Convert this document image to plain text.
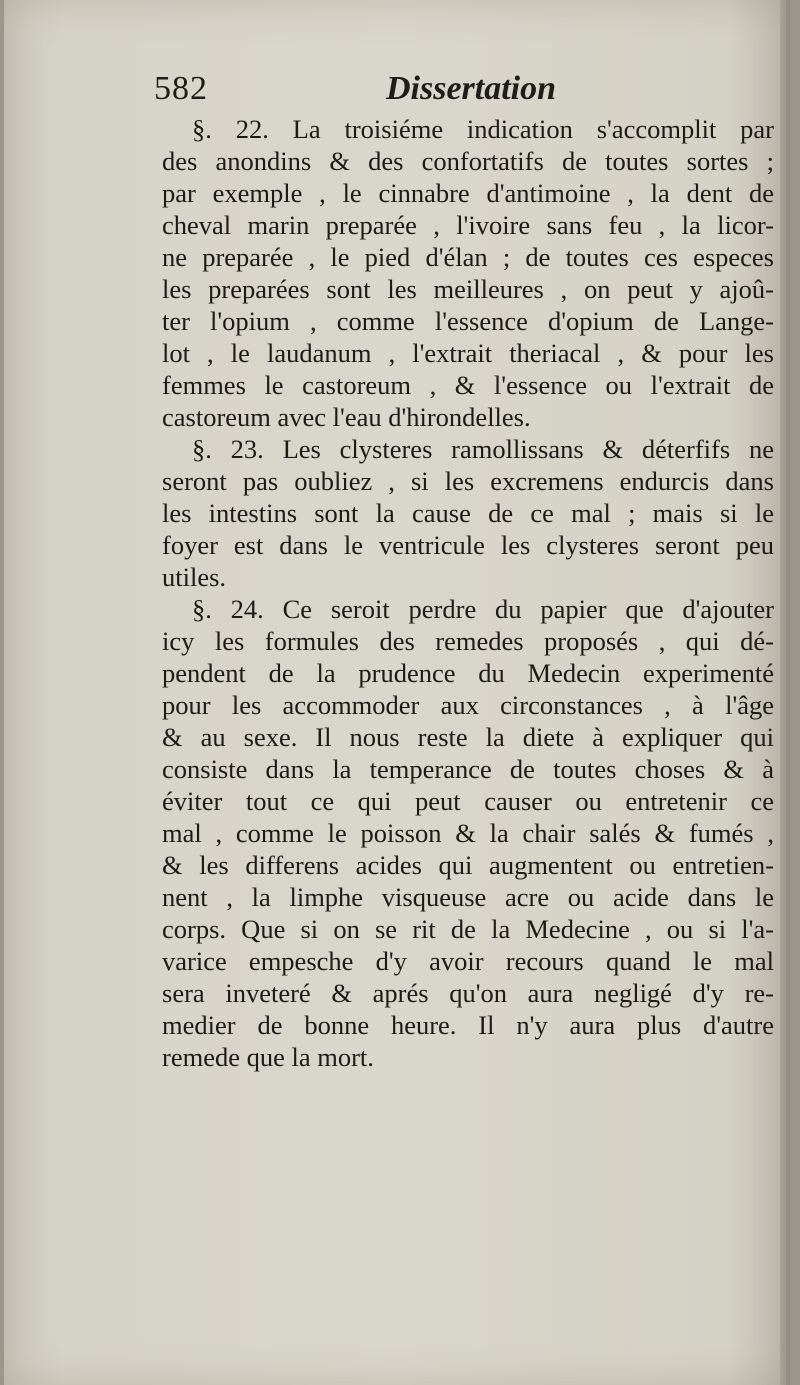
582	Dissertation
§. 22. La troisiéme indication s'accomplit par
des anondins & des confortatifs de toutes sortes ;
par exemple , le cinnabre d'antimoine , la dent de
cheval marin preparée , l'ivoire sans feu , la licor-
ne preparée , le pied d'élan ; de toutes ces especes
les preparées sont les meilleures , on peut y ajoû-
ter l'opium , comme l'essence d'opium de Lange-
lot , le laudanum , l'extrait theriacal , & pour les
femmes le castoreum , & l'essence ou l'extrait de
castoreum avec l'eau d'hirondelles.
§. 23. Les clysteres ramollissans & déterfifs ne
seront pas oubliez , si les excremens endurcis dans
les intestins sont la cause de ce mal ; mais si le
foyer est dans le ventricule les clysteres seront peu
utiles.
§. 24. Ce seroit perdre du papier que d'ajouter
icy les formules des remedes proposés , qui dé-
pendent de la prudence du Medecin experimenté
pour les accommoder aux circonstances , à l'âge
& au sexe. Il nous reste la diete à expliquer qui
consiste dans la temperance de toutes choses & à
éviter tout ce qui peut causer ou entretenir ce
mal , comme le poisson & la chair salés & fumés ,
& les differens acides qui augmentent ou entretien-
nent , la limphe visqueuse acre ou acide dans le
corps. Que si on se rit de la Medecine , ou si l'a-
varice empesche d'y avoir recours quand le mal
sera inveteré & aprés qu'on aura negligé d'y re-
medier de bonne heure. Il n'y aura plus d'autre
remede que la mort.
